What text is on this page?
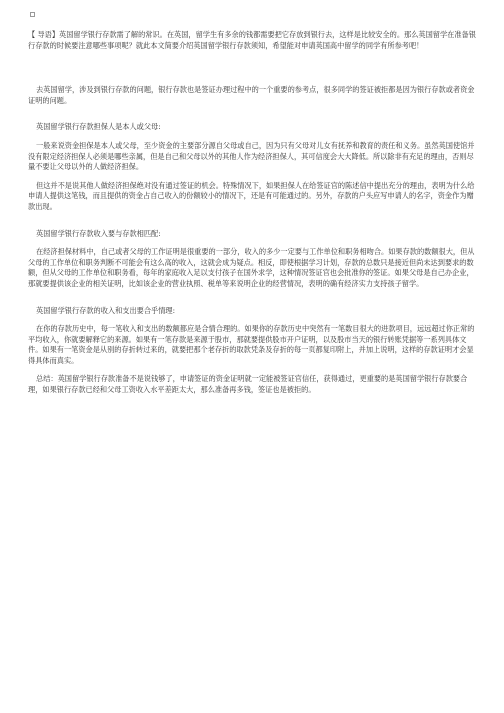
【 导语】英国留学银行存款需了解的常识。在英国，留学生有多余的钱都需要把它存放到银行去，这样是比较安全的。那么英国留学在准备银行存款的时候要注意哪些事项呢？就此本文简要介绍英国留学银行存款须知，希望能对申请英国高中留学的同学有所参考吧！

去英国留学，涉及到银行存款的问题，银行存款也是签证办理过程中的一个重要的参考点，很多同学的签证被拒都是因为银行存款或者资金证明的问题。

英国留学银行存款担保人是本人或父母:

一般来说资金担保是本人或父母，至少资金的主要部分源自父母或自己，因为只有父母对儿女有抚养和教育的责任和义务。虽然英国使馆并没有限定经济担保人必须是哪些亲属，但是自己和父母以外的其他人作为经济担保人，其可信度会大大降低。所以除非有充足的理由，否则尽量不要让父母以外的人做经济担保。

但这并不是说其他人做经济担保绝对没有通过签证的机会。特殊情况下，如果担保人在给签证官的陈述信中提出充分的理由，表明为什么给申请人提供这笔钱，而且提供的资金占自己收入的份额较小的情况下，还是有可能通过的。另外，存款的户头应写申请人的名字，资金作为赠款出现。

英国留学银行存款收入要与存款相匹配:

在经济担保材料中，自己或者父母的工作证明是很重要的一部分，收入的多少一定要与工作单位和职务相吻合。如果存款的数额很大，但从父母的工作单位和职务判断不可能会有这么高的收入，这就会成为疑点。相反，即使根据学习计划，存款的总数只是接近但尚未达到要求的数额，但从父母的工作单位和职务看，每年的家庭收入足以支付孩子在国外求学，这种情况签证官也会批准你的签证。如果父母是自己办企业，那就要提供该企业的相关证明，比如该企业的营业执照、税单等来说明企业的经营情况，表明的确有经济实力支持孩子留学。

英国留学银行存款的收入和支出要合乎情理:

在你的存款历史中，每一笔收入和支出的数额都应是合情合理的。如果你的存款历史中突然有一笔数目很大的进款项目，远远超过你正常的平均收入，你就要解释它的来源。如果有一笔存款是来源于股市，那就要提供股市开户证明，以及股市当天的银行转账凭据等一系列具体文件。如果有一笔资金是从别的存折转过来的，就要把那个老存折的取款凭条及存折的每一页都复印附上，并加上说明，这样的存款证明才会显得具体而真实。

总结：英国留学银行存款准备不是说钱够了，申请签证的资金证明就一定能被签证官信任，获得通过，更重要的是英国留学银行存款要合理，如果银行存款已经和父母工资收入水平差距太大，那么准备再多钱，签证也是被拒的。
